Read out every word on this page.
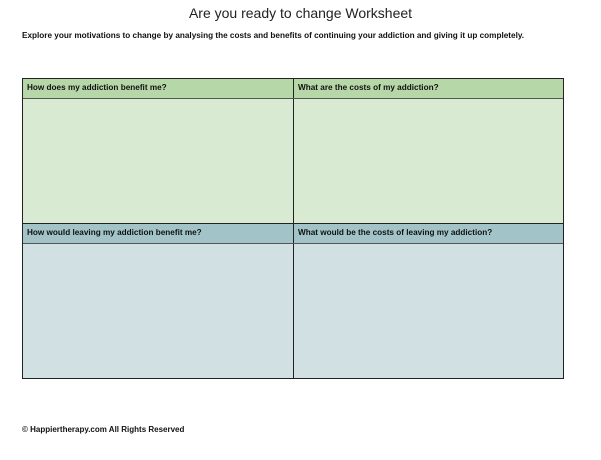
Are you ready to change Worksheet
Explore your motivations to change by analysing the costs and benefits of continuing your addiction and giving it up completely.
How does my addiction benefit me?	What are the costs of my addiction?
How would leaving my addiction benefit me?	What would be the costs of leaving my addiction?
© Happiertherapy.com All Rights Reserved
